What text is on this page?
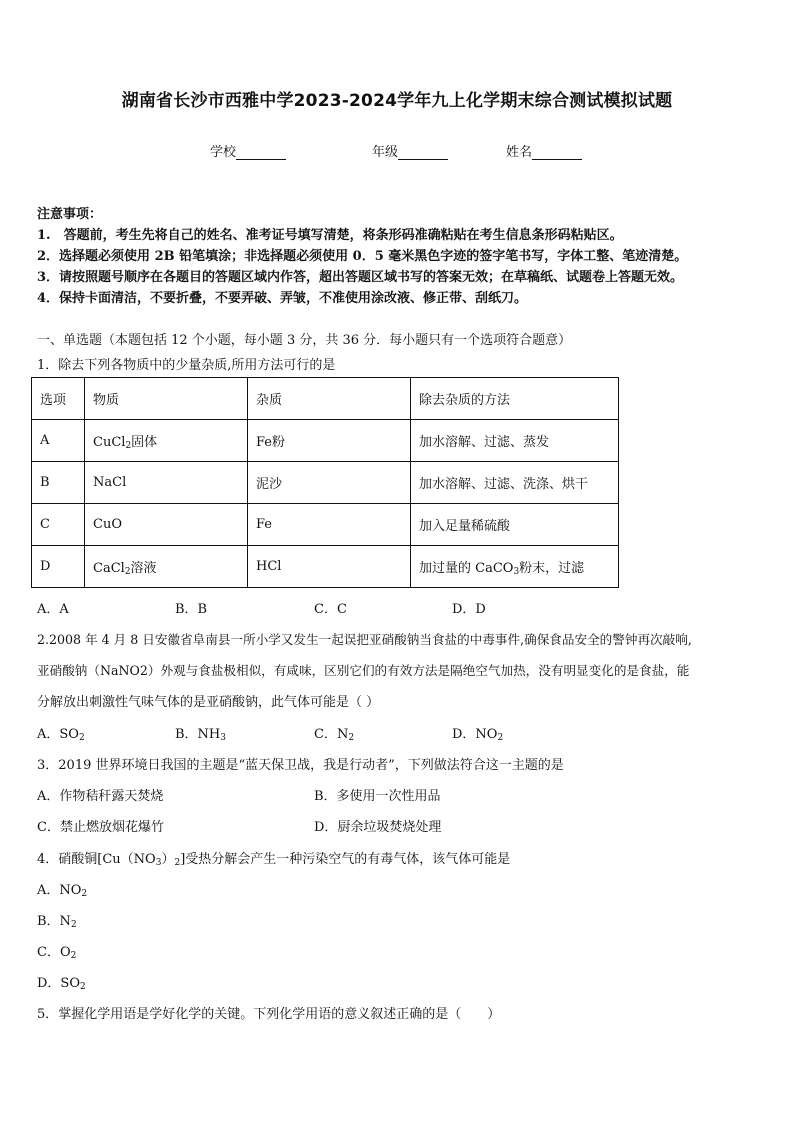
湖南省长沙市西雅中学2023-2024学年九上化学期末综合测试模拟试题
学校	年级	姓名
注意事项：
1.　答题前，考生先将自己的姓名、准考证号填写清楚，将条形码准确粘贴在考生信息条形码粘贴区。
2．选择题必须使用 2B 铅笔填涂；非选择题必须使用 0．5 毫米黑色字迹的签字笔书写，字体工整、笔迹清楚。
3．请按照题号顺序在各题目的答题区域内作答，超出答题区域书写的答案无效；在草稿纸、试题卷上答题无效。
4．保持卡面清洁，不要折叠，不要弄破、弄皱，不准使用涂改液、修正带、刮纸刀。
一、单选题（本题包括 12 个小题，每小题 3 分，共 36 分．每小题只有一个选项符合题意）
1．除去下列各物质中的少量杂质,所用方法可行的是
选项	物质	杂质	除去杂质的方法
A	CuCl$_2$固体	Fe粉	加水溶解、过滤、蒸发
B	NaCl	泥沙	加水溶解、过滤、洗涤、烘干
C	CuO	Fe	加入足量稀硫酸
D	CaCl$_2$溶液	HCl	加过量的 CaCO$_3$粉末，过滤
A．A	B．B	C．C	D．D
2.2008 年 4 月 8 日安徽省阜南县一所小学又发生一起误把亚硝酸钠当食盐的中毒事件,确保食品安全的警钟再次敲响,
亚硝酸钠（NaNO2）外观与食盐极相似，有咸味，区别它们的有效方法是隔绝空气加热，没有明显变化的是食盐，能
分解放出刺激性气味气体的是亚硝酸钠，此气体可能是（ ）
A．$SO_2$	B．$NH_3$	C．$N_2$	D．$NO_2$
3．2019 世界环境日我国的主题是“蓝天保卫战，我是行动者”，下列做法符合这一主题的是
A．作物秸秆露天焚烧	B．多使用一次性用品
C．禁止燃放烟花爆竹	D．厨余垃圾焚烧处理
4．硝酸铜$[Cu(NO_3)_2]$受热分解会产生一种污染空气的有毒气体，该气体可能是
A．$NO_2$
B．$N_2$
C．$O_2$
D．$SO_2$
5．掌握化学用语是学好化学的关键。下列化学用语的意义叙述正确的是（　　）
